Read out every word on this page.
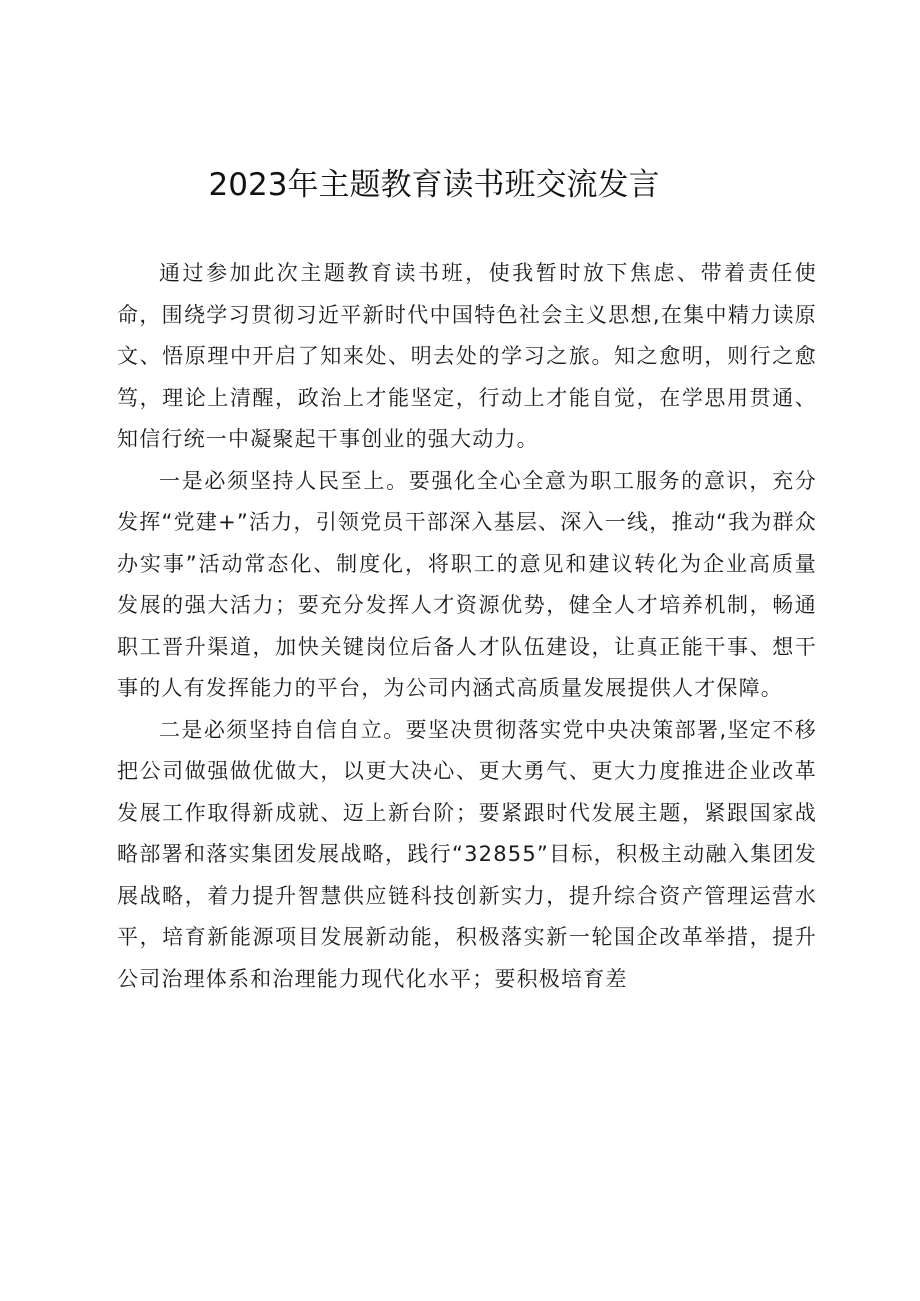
2023年主题教育读书班交流发言

通过参加此次主题教育读书班，使我暂时放下焦虑、带着责任使命，围绕学习贯彻习近平新时代中国特色社会主义思想,在集中精力读原文、悟原理中开启了知来处、明去处的学习之旅。知之愈明，则行之愈笃，理论上清醒，政治上才能坚定，行动上才能自觉，在学思用贯通、知信行统一中凝聚起干事创业的强大动力。

一是必须坚持人民至上。要强化全心全意为职工服务的意识，充分发挥“党建+”活力，引领党员干部深入基层、深入一线，推动“我为群众办实事”活动常态化、制度化，将职工的意见和建议转化为企业高质量发展的强大活力；要充分发挥人才资源优势，健全人才培养机制，畅通职工晋升渠道，加快关键岗位后备人才队伍建设，让真正能干事、想干事的人有发挥能力的平台，为公司内涵式高质量发展提供人才保障。

二是必须坚持自信自立。要坚决贯彻落实党中央决策部署,坚定不移把公司做强做优做大，以更大决心、更大勇气、更大力度推进企业改革发展工作取得新成就、迈上新台阶；要紧跟时代发展主题，紧跟国家战略部署和落实集团发展战略，践行“32855”目标，积极主动融入集团发展战略，着力提升智慧供应链科技创新实力，提升综合资产管理运营水平，培育新能源项目发展新动能，积极落实新一轮国企改革举措，提升公司治理体系和治理能力现代化水平；要积极培育差
